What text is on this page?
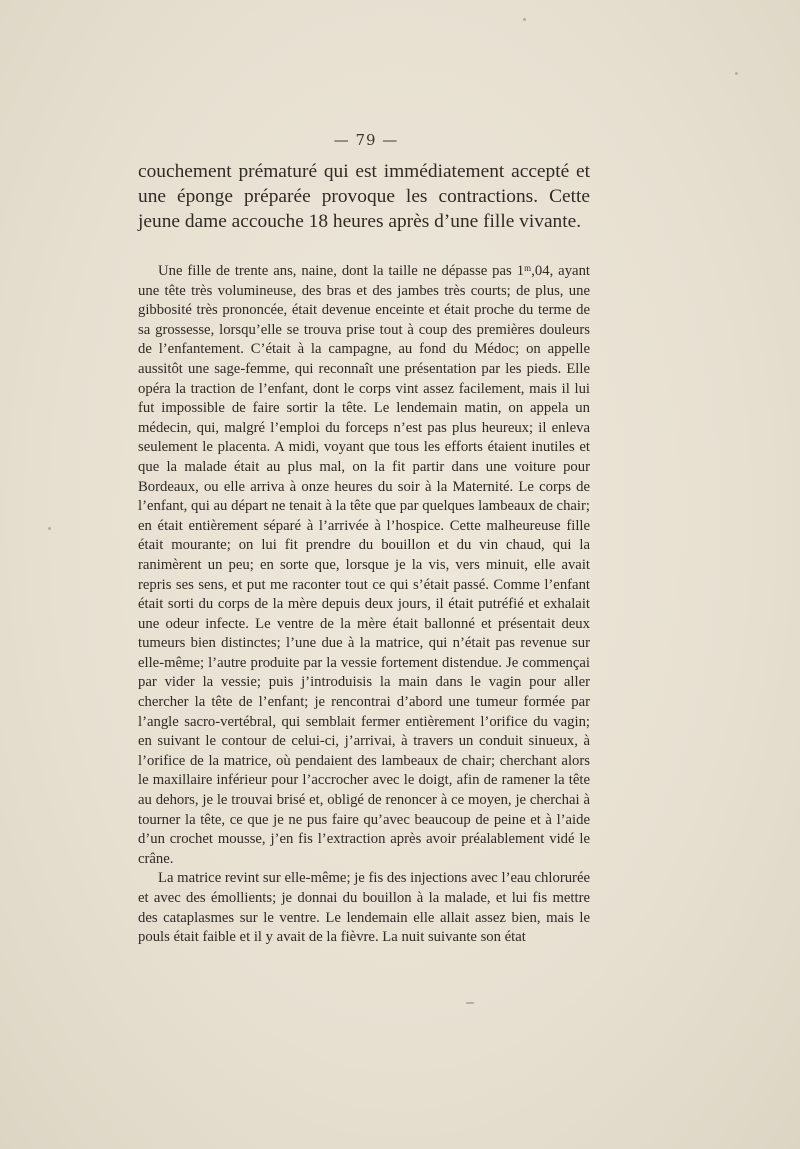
— 79 —

couchement prématuré qui est immédiatement accepté et une éponge préparée provoque les contractions. Cette jeune dame accouche 18 heures après d’une fille vivante.

Une fille de trente ans, naine, dont la taille ne dépasse pas 1ᵐ,04, ayant une tête très volumineuse, des bras et des jambes très courts; de plus, une gibbosité très prononcée, était devenue enceinte et était proche du terme de sa grossesse, lorsqu’elle se trouva prise tout à coup des premières douleurs de l’enfantement. C’était à la campagne, au fond du Médoc; on appelle aussitôt une sage-femme, qui reconnaît une présentation par les pieds. Elle opéra la traction de l’enfant, dont le corps vint assez facilement, mais il lui fut impossible de faire sortir la tête. Le lendemain matin, on appela un médecin, qui, malgré l’emploi du forceps n’est pas plus heureux; il enleva seulement le placenta. A midi, voyant que tous les efforts étaient inutiles et que la malade était au plus mal, on la fit partir dans une voiture pour Bordeaux, ou elle arriva à onze heures du soir à la Maternité. Le corps de l’enfant, qui au départ ne tenait à la tête que par quelques lambeaux de chair; en était entièrement séparé à l’arrivée à l’hospice. Cette malheureuse fille était mourante; on lui fit prendre du bouillon et du vin chaud, qui la ranimèrent un peu; en sorte que, lorsque je la vis, vers minuit, elle avait repris ses sens, et put me raconter tout ce qui s’était passé. Comme l’enfant était sorti du corps de la mère depuis deux jours, il était putréfié et exhalait une odeur infecte. Le ventre de la mère était ballonné et présentait deux tumeurs bien distinctes; l’une due à la matrice, qui n’était pas revenue sur elle-même; l’autre produite par la vessie fortement distendue. Je commençai par vider la vessie; puis j’introduisis la main dans le vagin pour aller chercher la tête de l’enfant; je rencontrai d’abord une tumeur formée par l’angle sacro-vertébral, qui semblait fermer entièrement l’orifice du vagin; en suivant le contour de celui-ci, j’arrivai, à travers un conduit sinueux, à l’orifice de la matrice, où pendaient des lambeaux de chair; cherchant alors le maxillaire inférieur pour l’accrocher avec le doigt, afin de ramener la tête au dehors, je le trouvai brisé et, obligé de renoncer à ce moyen, je cherchai à tourner la tête, ce que je ne pus faire qu’avec beaucoup de peine et à l’aide d’un crochet mousse, j’en fis l’extraction après avoir préalablement vidé le crâne.

La matrice revint sur elle-même; je fis des injections avec l’eau chlorurée et avec des émollients; je donnai du bouillon à la malade, et lui fis mettre des cataplasmes sur le ventre. Le lendemain elle allait assez bien, mais le pouls était faible et il y avait de la fièvre. La nuit suivante son état
